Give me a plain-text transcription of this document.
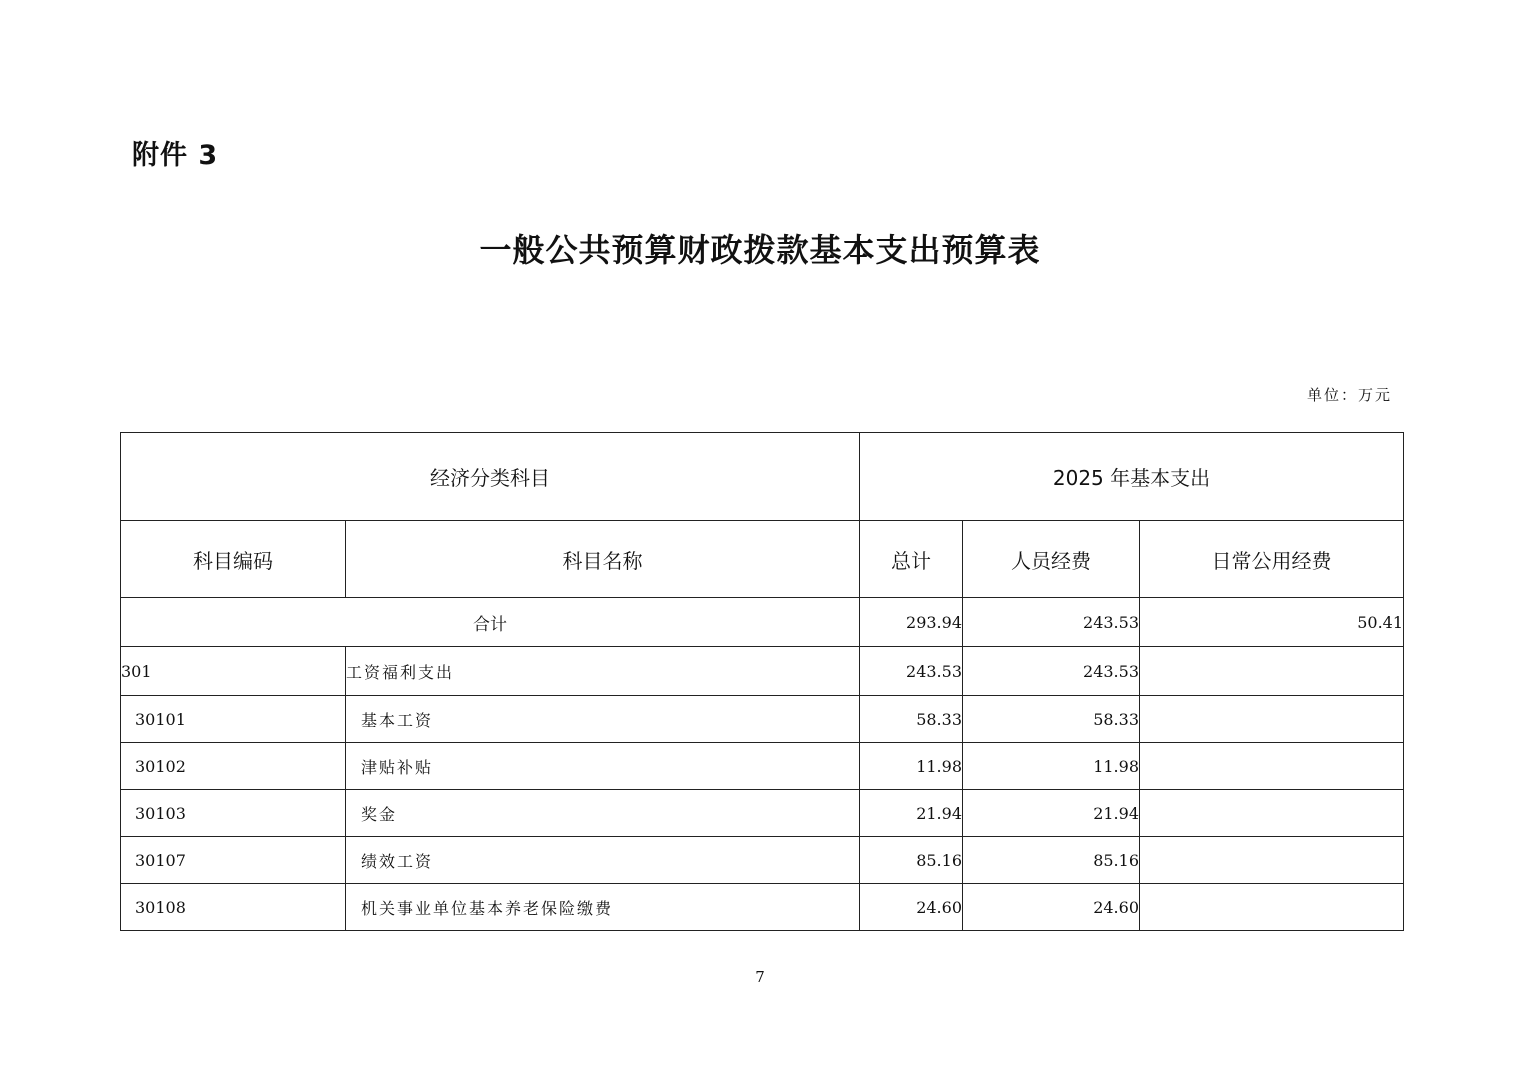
附件 3
一般公共预算财政拨款基本支出预算表
单位：万元
经济分类科目		2025 年基本支出		
科目编码	科目名称	总计	人员经费	日常公用经费
合计		293.94	243.53	50.41
301	工资福利支出	243.53	243.53	
30101	基本工资	58.33	58.33	
30102	津贴补贴	11.98	11.98	
30103	奖金	21.94	21.94	
30107	绩效工资	85.16	85.16	
30108	机关事业单位基本养老保险缴费	24.60	24.60	
7
